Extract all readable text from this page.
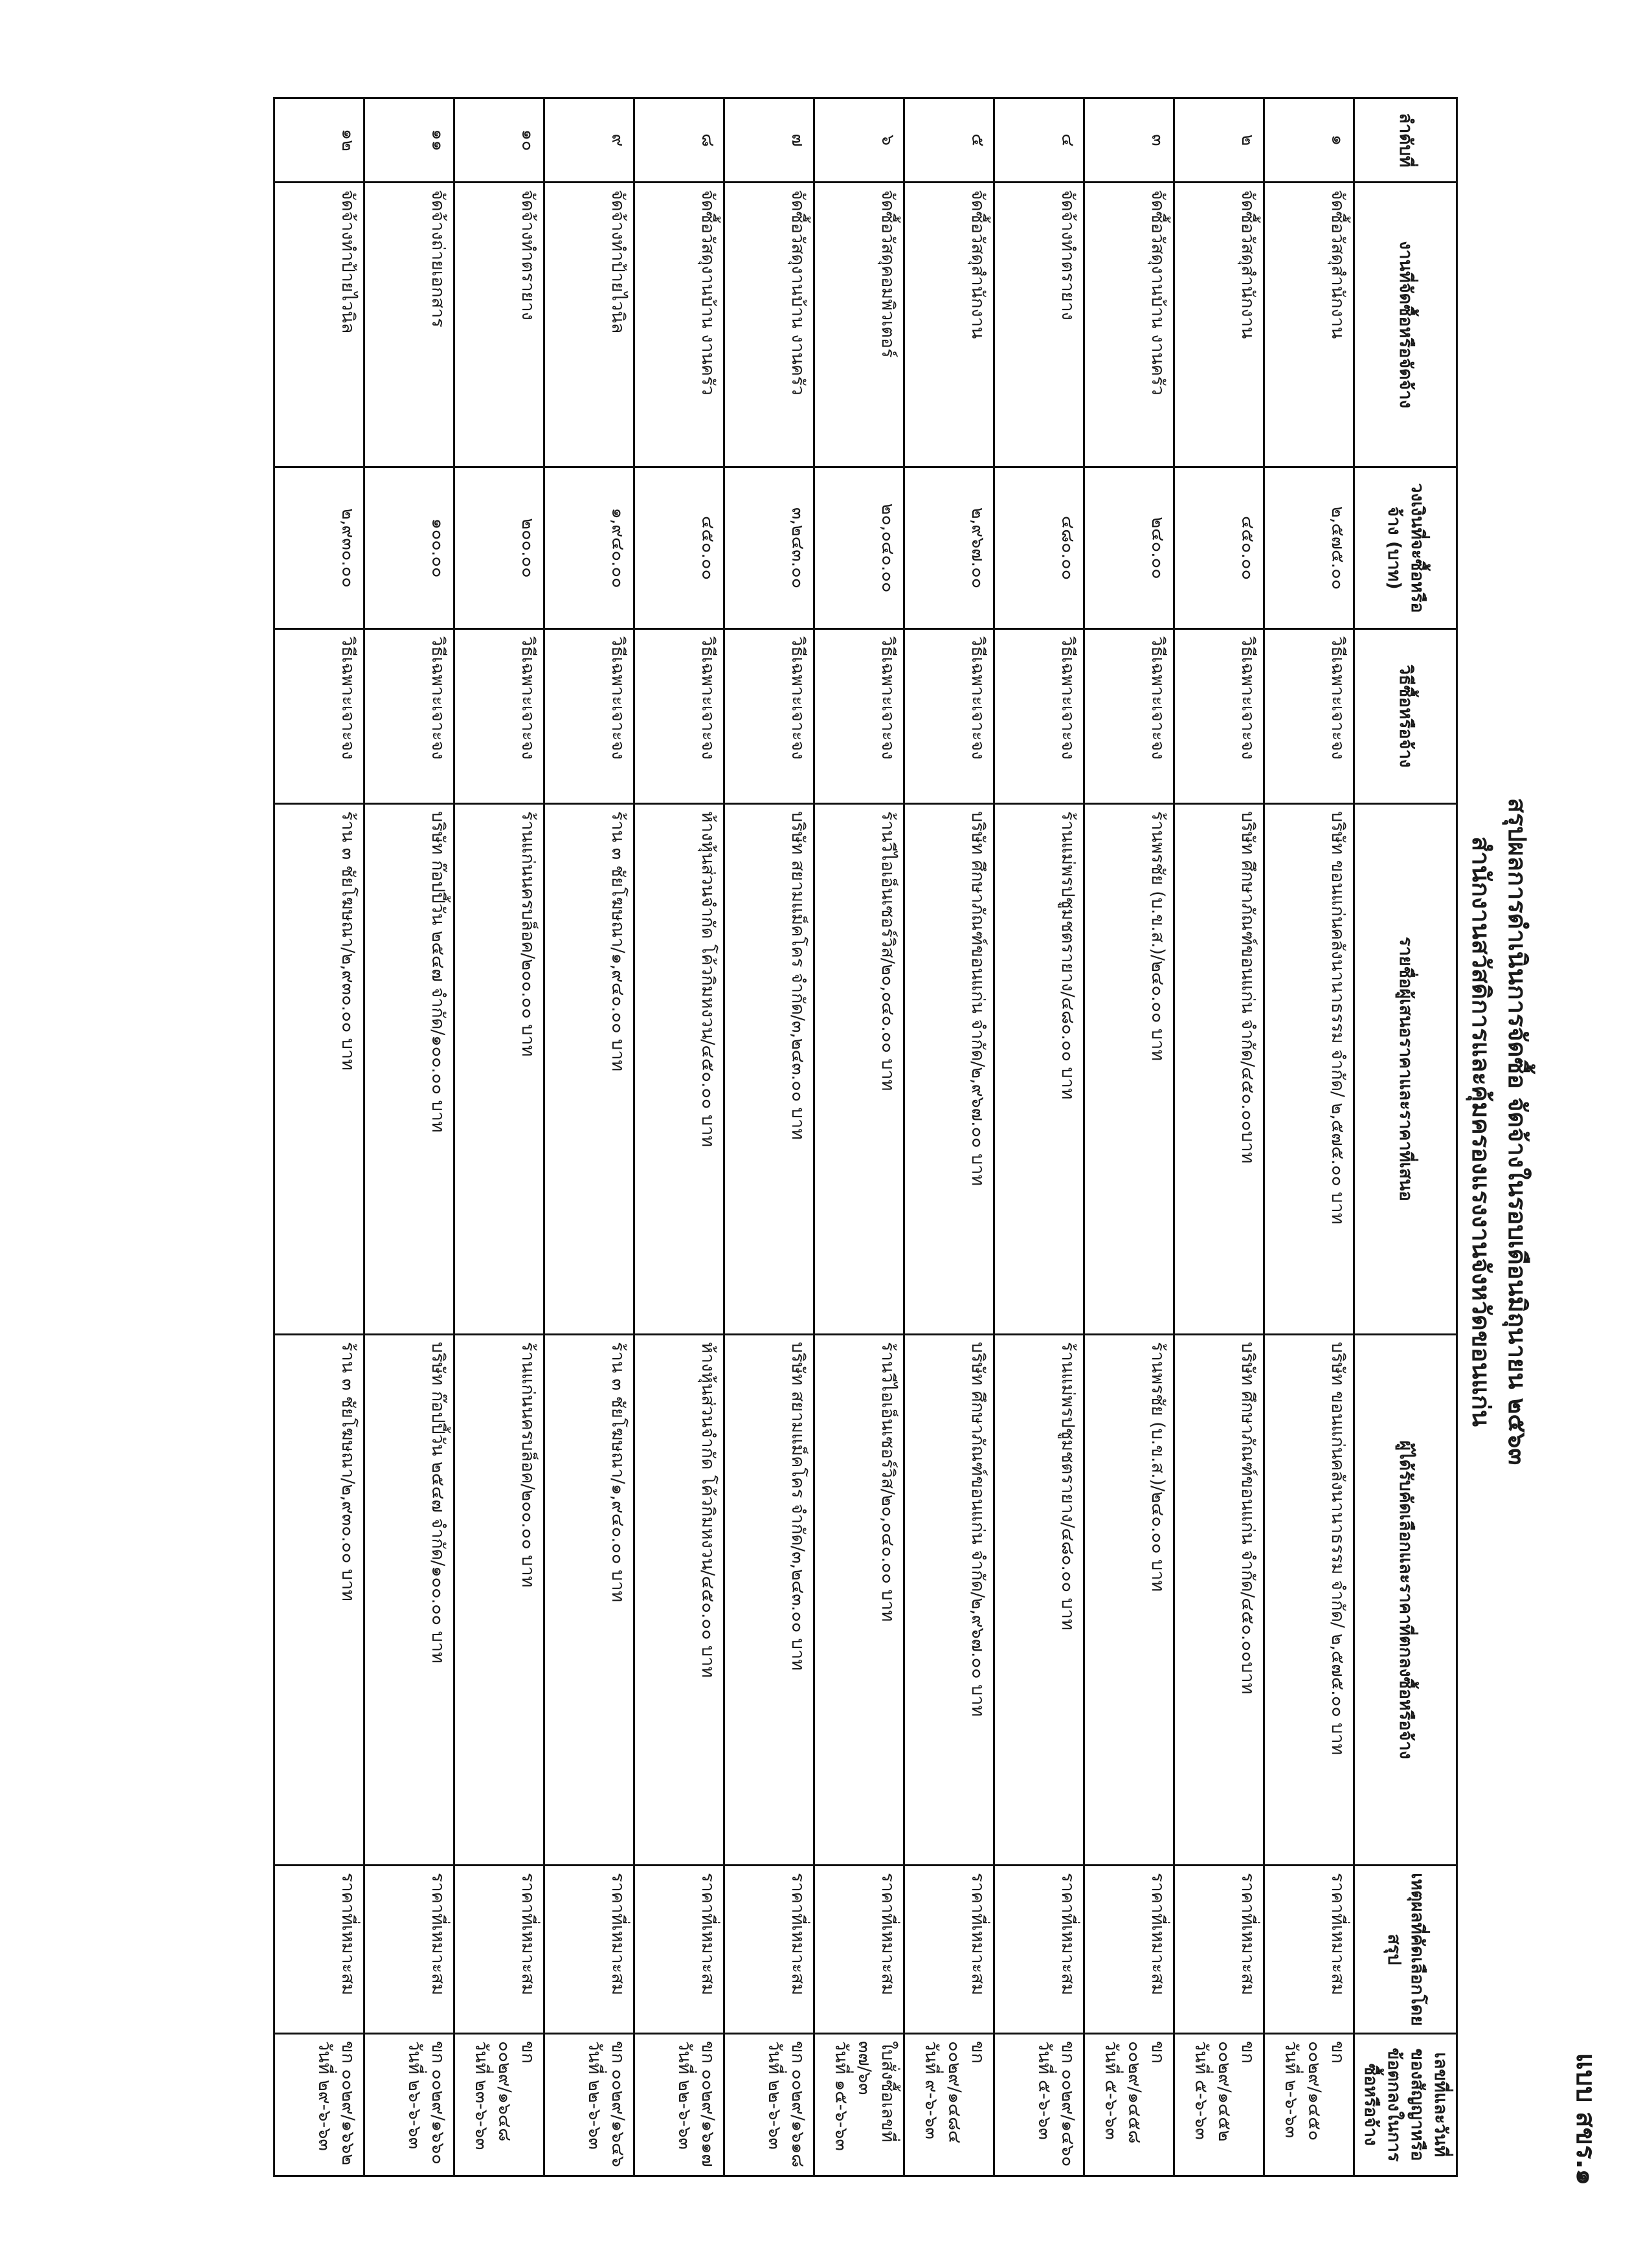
แบบ สขร.๑
สรุปผลการดำเนินการจัดซื้อ จัดจ้างในรอบเดือนมิถุนายน ๒๕๖๓
สำนักงานสวัสดิการและคุ้มครองแรงงานจังหวัดขอนแก่น
ลำดับที่	งานที่จัดซื้อหรือจัดจ้าง	วงเงินที่จะซื้อหรือจ้าง (บาท)	วิธีซื้อหรือจ้าง	รายชื่อผู้เสนอราคาและราคาที่เสนอ	ผู้ได้รับคัดเลือกและราคาที่ตกลงซื้อหรือจ้าง	เหตุผลที่คัดเลือกโดยสรุป	เลขที่และวันที่ของสัญญาหรือข้อตกลงในการซื้อหรือจ้าง
๑	จัดซื้อวัสดุสำนักงาน	๒,๕๗๕.๐๐	วิธีเฉพาะเจาะจง	บริษัท ขอนแก่นคลังนานาธรรม จำกัด/ ๒,๕๗๕.๐๐ บาท	บริษัท ขอนแก่นคลังนานาธรรม จำกัด/ ๒,๕๗๕.๐๐ บาท	ราคาที่เหมาะสม	ขก ๐๐๒๙/๑๔๕๐
วันที่ ๒-๖-๖๓

๒	จัดซื้อวัสดุสำนักงาน	๔๕๐.๐๐	วิธีเฉพาะเจาะจง	บริษัท ศึกษาภัณฑ์ขอนแก่น จำกัด/๔๕๐.๐๐บาท	บริษัท ศึกษาภัณฑ์ขอนแก่น จำกัด/๔๕๐.๐๐บาท	ราคาที่เหมาะสม	ขก ๐๐๒๙/๑๔๕๒
วันที่ ๕-๖-๖๓

๓	จัดซื้อวัสดุงานบ้าน งานครัว	๒๔๐.๐๐	วิธีเฉพาะเจาะจง	ร้านพรชัย (บ.ข.ส.)/๒๔๐.๐๐ บาท	ร้านพรชัย (บ.ข.ส.)/๒๔๐.๐๐ บาท	ราคาที่เหมาะสม	ขก ๐๐๒๙/๑๔๕๘
วันที่ ๕-๖-๖๓

๔	จัดจ้างทำตรายาง	๔๘๐.๐๐	วิธีเฉพาะเจาะจง	ร้านแม่พรปชูมชตรายาง/๔๘๐.๐๐ บาท	ร้านแม่พรปชูมชตรายาง/๔๘๐.๐๐ บาท	ราคาที่เหมาะสม	ขก ๐๐๒๙/๑๔๖๐
วันที่ ๕-๖-๖๓

๕	จัดซื้อวัสดุสำนักงาน	๒,๙๖๗.๐๐	วิธีเฉพาะเจาะจง	บริษัท ศึกษาภัณฑ์ขอนแก่น จำกัด/๒,๙๖๗.๐๐ บาท	บริษัท ศึกษาภัณฑ์ขอนแก่น จำกัด/๒,๙๖๗.๐๐ บาท	ราคาที่เหมาะสม	ขก ๐๐๒๙/๑๔๘๔
วันที่ ๙-๖-๖๓

๖	จัดซื้อวัสดุคอมพิวเตอร์	๒๐,๐๔๐.๐๐	วิธีเฉพาะเจาะจง	ร้านวีไอเอ็นเซอร์วิส/๒๐,๐๔๐.๐๐ บาท	ร้านวีไอเอ็นเซอร์วิส/๒๐,๐๔๐.๐๐ บาท	ราคาที่เหมาะสม	ใบสั่งซื้อเลขที่ ๓๗/๖๓
วันที่ ๑๕-๖-๖๓

๗	จัดซื้อวัสดุงานบ้าน งานครัว	๓,๒๔๓.๐๐	วิธีเฉพาะเจาะจง	บริษัท สยามแม็คโคร จำกัด/๓,๒๔๓.๐๐ บาท	บริษัท สยามแม็คโคร จำกัด/๓,๒๔๓.๐๐ บาท	ราคาที่เหมาะสม	ขก ๐๐๒๙/๑๖๑๘
วันที่ ๒๒-๖-๖๓

๘	จัดซื้อวัสดุงานบ้าน งานครัว	๔๕๐.๐๐	วิธีเฉพาะเจาะจง	ห้างหุ้นส่วนจำกัด โค้วกิมหงวน/๔๕๐.๐๐ บาท	ห้างหุ้นส่วนจำกัด โค้วกิมหงวน/๔๕๐.๐๐ บาท	ราคาที่เหมาะสม	ขก ๐๐๒๙/๑๖๑๗
วันที่ ๒๒-๖-๖๓

๙	จัดจ้างทำป้ายไวนิล	๑,๙๔๐.๐๐	วิธีเฉพาะเจาะจง	ร้าน ๓ ชัยโฆษณา/๑,๙๔๐.๐๐ บาท	ร้าน ๓ ชัยโฆษณา/๑,๙๔๐.๐๐ บาท	ราคาที่เหมาะสม	ขก ๐๐๒๙/๑๖๔๖
วันที่ ๒๒-๖-๖๓

๑๐	จัดจ้างทำตรายาง	๒๐๐.๐๐	วิธีเฉพาะเจาะจง	ร้านแก่นนครบล็อค/๒๐๐.๐๐ บาท	ร้านแก่นนครบล็อค/๒๐๐.๐๐ บาท	ราคาที่เหมาะสม	ขก ๐๐๒๙/๑๖๔๘
วันที่ ๒๓-๖-๖๓

๑๑	จัดจ้างถ่ายเอกสาร	๑๐๐.๐๐	วิธีเฉพาะเจาะจง	บริษัท ก๊อปปี้วัน ๒๕๔๗ จำกัด/๑๐๐.๐๐ บาท	บริษัท ก๊อปปี้วัน ๒๕๔๗ จำกัด/๑๐๐.๐๐ บาท	ราคาที่เหมาะสม	ขก ๐๐๒๙/๑๖๖๐
วันที่ ๒๖-๖-๖๓

๑๒	จัดจ้างทำป้ายไวนิล	๒,๙๓๐.๐๐	วิธีเฉพาะเจาะจง	ร้าน ๓ ชัยโฆษณา/๒,๙๓๐.๐๐ บาท	ร้าน ๓ ชัยโฆษณา/๒,๙๓๐.๐๐ บาท	ราคาที่เหมาะสม	ขก ๐๐๒๙/๑๖๖๒
วันที่ ๒๙-๖-๖๓
